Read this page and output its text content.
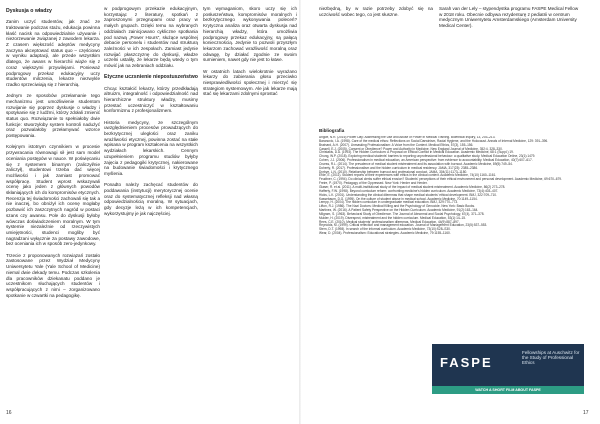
Dyskusja o władzy

Zanim uczyć studentów, jak znać ze traktowanie podczas stażu, edukacja powinna kłaść nacisk na odpowiedzialnie używanie i niezorzewanie związanej z zawodem lekarza. Z czasem większość adeptów medycyny zaczyna akceptować status quo – częściowo w wyniku adaptacji, ale przede wszystkim dlatego, że awans w hierarchii wiąże się z coraz większymi przywilejami. Ponieważ podprogowy przekaz edukacyjny uczy studentów milczenia, lekarze niezwykle rzadko sprzeciwiają się z hierarchią.

Jednym ze sposobów przełamanie tego mechanizmu jest umożliwienie studentom rozwijanie się poprzez dyskusje o władzy i spotykanie się z ludźmi, którzy zdołali zmienić status quo. Rozwiązanie to spełniałoby dwie funkcje: stworzyłoby system kontroli nadużyć oraz pozwalałoby przełamywać wzorce postępowania.

Kolejnym istotnym czynnikiem w procesie przywracania równowagi sił jest sam model oceniania postępów w nauce. W poświęcaniu się z systemem binarnym (zaliczył/nie zaliczył), studentowi trzeba dać więcej możliwości i jak zamiast promować współpracę. Student wprost wskazywali ocenę jako jeden z głównych powodów skłaniających ich do kompromisów etycznych. Recenzja tej świadomości zachowali się tak a nie inaczej, bo obniżył ich ocenę mogłaby pozbawić ich zaszczytnych nagród w postaci szans czy awansu. Pole do dyskusji byłoby wówczas doświadczeniem moralnym. W tym systemie niezależnie od rzeczywistych umiejętności, studenci mogliby być nagradzani wyłącznie za postawy zawodowe, bez oceniania ich w sposób zero-jedynkowy.

Trzecie z proponowanych rozwiązań zostało zastosowane przez Wydział Medycyny Uniwersytetu Yale (Yale School of Medicine) niemal dwie dekady temu. Podczas szkolenia dla pracowników dziekanatu poddano je uczestnikom słuchających studentów i współpracujących z nimi – zorganizowano spotkanie w czwartki na pedagogikę.

w podprogowym przekazie edukacyjnym, korzystając z literatury, spotkań z zaproszonymi przegrupami oraz pracy w małych grupach. Dzięki temu na wybranych oddziałach zainicjowano cykliczne spotkania pod nazwą „Power Hours”, służące wspólnej debacie personelu i studentów nad strukturą zależności w ich zespołach. Zamiast jedynie rozwijać płaszczyznę do dyskusji, władze uczelni ustaliły, że lekarze będą wtedy o tym mówić jak na zebraniach oddziału.

Etyczne uczsnienie niepostuszeństwo

Chcąc kształcić lekarzy, którzy przedkładają altruizm, integralność i odpowiedzialność nad hierarchiczne struktury władzy, musimy przestać uczestniczyć w kształtowaniu konformizmu z profesjonalizmem.

Historia medycyny, ze szczególnym uwzględnieniem procesów prowadzących do bezkrytycznej uległości oraz zaniku wrażliwości etycznej, powinna zostać na stałe wpisana w program kształcenia na wszystkich wydziałach lekarskich. Cennym uzupełnieniem programu studiów byłyby zajęcia z pedagogiki krytycznej, nakierowane na budowanie świadomości i krytycznego myślenia.

Ponadto należy zachęcać studentów do poddawania (instytucji) merytorycznej ocenie oraz do systematycznej refleksji nad własną odpowiedzialnością moralną. W sytuacjach, gdy decyzje leżą w ich kompetencjach, wykorzystujmy je jak najczęściej.

tym wymaganiom, skoro uczy się ich posłuszeństwa, kompromisów moralnych i bezkrytycznego wykonywania poleceń? Krytyczna analiza oraz otwarta dyskusja nad hierarchią władzy, która umożliwia podprogowy przekaz edukacyjny, są pałącą koniecznością. Jedynie to pozwoli przyszłym lekarzom zachować wrażliwość moralną oraz odwagę, by działać zgodnie ze swoim sumieniem, nawet gdy nie jest to łatwe.

W ostatnich latach wielokrotnie wyrażano lekarzy do zabierania głosu przeciwko niesprawiedliwości społecznej i mierzyć się strategiom systemowym. Ale jak lekarze mają stać się lekarzami zdolnymi sprostać

niezbędną, by w razie potrzeby zdobyć się na uczciwość wobec tego, co jest słuszne.

Sarah van der Lely – stypendystka programu FASPE Medical Fellow w 2018 roku. Obecnie odbywa rezydenturę z pediatrii w centrum medycznym Uniwersytetu Amsterdamskiego (Amsterdam University Medical Center).

Bibliografia
Angoff, N.R. (2016) Power Day: Addressing the Use and Abuse of Power in Medical Training. Bioethical Inquiry, 13, 203–213.
Baranovic, I.A. (1998). Care of the medical ethos: Reflections on Social Darwinism, Racial Hygiene, and the Holocaust. Annals of Internal Medicine, 129: 391–396.
Brainard, A.H. (2007). Unmasking Professionalism: A Voice from the Context. Medical Ethics, 57(3), 155–156.
Cassell, E.J. (2005). Consent or Obedience? Power and Authority in Medicine. New England Journal of Medicine, 352:4, 328–330.
Christakis, D.A. (1993). The Hidden Curriculum: A Proposal on Ethical Conflict in Medical Education. Academic Medicine, 68:1 (Suppl.) 19.
Chung, W.P. (2018). Exploring medical students' barriers to reporting unprofessional behaviour: a qualitative study. Medical Education Online, 23(1):1479.
Cohen, J.J. (2006). Professionalism in medical education, an American perspective: from evidence to accountability. Medical Education, 40(7):607–617.
Cruess, R.L. (2014). The prevalence of medical student mistreatment and its association with burnout. Academic Medicine, 89(5):749–54.
Doherty, R. (2017). Professionalism and the hidden curriculum in medical residency. JAMA, 317(23): 2385–2386.
Dyrbye, L.N. (2010). Relationship between burnout and professional conduct. JAMA, 304(11):1173–1180.
Erde, E. (2011). Student reports of their experiences with ethics in the clinical context. Academic Medicine, 74(10) 1160–1161.
Feudtner, C. (1994). Do clinical clerks suffer ethical erosion? Students' perceptions of their ethical environment and personal development. Academic Medicine, 69:670–679.
Freire, P. (1970). Pedagogy of the Oppressed. New York: Herder and Herder.
Glaser, R. et al. (2011). A multi-institutional study of the impact of medical student mistreatment. Academic Medicine, 86(2) 273–278.
Hafferty, F.W. (1998). Beyond curriculum reform: confronting medicine's hidden curriculum. Academic Medicine, 73(4):403–407.
Hicks, L.K. (2001). Understanding the clinical dilemmas that shape medical students' ethical development. BMJ, 322:709–710.
Kassebaum, D.G. (1995). On the culture of student abuse in medical school. Academic Medicine, 70:1149–1154.
Lempp, H. (2004). The hidden curriculum in undergraduate medical education. BMJ, 329:770–773.
Lifton, R.J. (1986). The Nazi Doctors: Medical Killing and the Psychology of Genocide. New York: Basic Books.
Martinez, W. (2016). A Patient Safety Perspective on the Hidden Curriculum. Academic Medicine, 91(2):163–164.
Milgram, S. (1963). Behavioral Study of Obedience. The Journal of Abnormal and Social Psychology, 67(4), 371–378.
Mulder, H. (2019). Disrespect, mistreatment and the hidden curriculum. Medical Education, 53(1):14–15.
Rees, C.E. (2010). Medical students' professionalism dilemmas. Medical Education, 44(9):887–897.
Reynolds, M. (1999). Critical reflection and management education. Journal of Management Education, 23(5):537–553.
Stern, D.T. (1998). In search of the informal curriculum. Academic Medicine, 73(10):S28–S30.
Wear, D. (2004). Professionalism: Educational strategies. Academic Medicine, 79:1155–1160.
FASPE
Fellowships at Auschwitz for the Study of Professional Ethics
WATCH A SHORT FILM ABOUT FASPE
16	17
